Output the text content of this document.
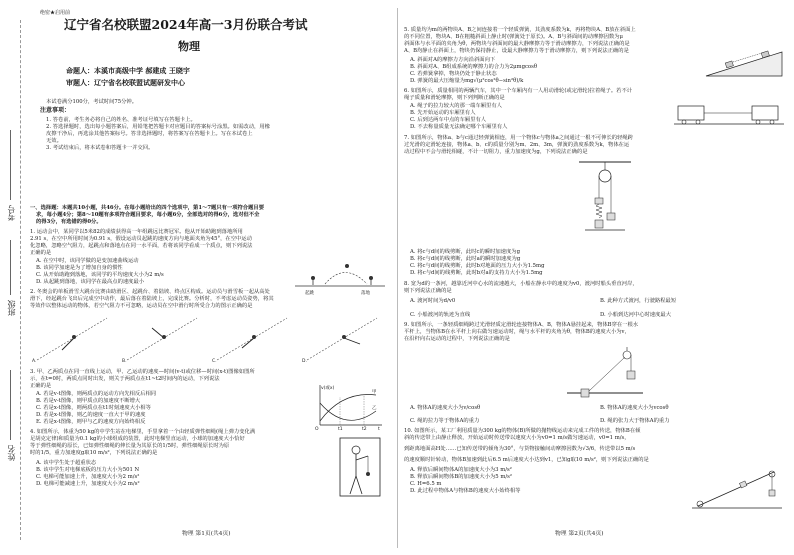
考号
班级
姓名
绝密★启用前
辽宁省名校联盟2024年高一3月份联合考试
物理
命题人：本溪市高级中学 郝建成 王晓宇
审题人：辽宁省名校联盟试题研发中心
本试卷满分100分，考试时间75分钟。
注意事项：
1. 答卷前，考生务必将自己的姓名、准考证号填写在答题卡上。
2. 答选择题时，选出每小题答案后，用铅笔把答题卡对应题目的答案标号涂黑。如需改动，用橡
皮擦干净后，再选涂其他答案标号。答非选择题时，将答案写在答题卡上。写在本试卷上
无效。
3. 考试结束后，将本试卷和答题卡一并交回。
一、选择题：本题共10小题，共46分。在每小题给出的四个选项中，第1～7题只有一项符合题目要
求，每小题4分；第8～10题有多项符合题目要求，每小题6分，全部选对的得6分，选对但不全
的得3分，有选错的得0分。
1. 运动会中，某同学以5米82的成绩获得高一年组跳远比赛冠军。他从开始助跑到落地所用
2.91 s，在空中所用时间为0.91 s，假设运动员起跳的速度方向与地面夹角为45°，在空中运动
化忽略，忽略空气阻力，起跳点和落地点在同一水平面，若将该同学看成一个质点，则下列说法
正确的是
A. 在空中时，该同学做的是变加速曲线运动
B. 该同学加速是为了增加自身的惯性
C. 从开始助跑到落地，该同学的平均速度大小为2 m/s
D. 从起跳到落地，该同学在最高点的速度最小
起跳	落地
2. 冬奥会的单板滑雪大跳台比赛由助滑区、起跳台、着陆坡、终点区构成。运动员与滑雪板一起从高处
滑下，经起跳台飞出后完成空中动作，最后落在着陆坡上，完成比赛。分析时，不考虑运动员姿势，将其
等效作以整体运动的物体，若空气阻力不可忽略，运动员在空中滑行时所受合力的图示正确的是
A.	B.	C.	D.
3. 甲、乙两质点在同一直线上运动，甲、乙运动的速度—时间(v-t)或位移—时间(x-t)图像如图所
示，在t=0时，两质点同时出发，则关于两质点在t1~t2时间内的运动，下列说法
正确的是
A. 若是v-t图像，则两质点的运动方向先相反后相同
B. 若是v-t图像，则甲质点的加速度不断增大
C. 若是x-t图像，则两质点在t1时刻速度大小相等
D. 若是x-t图像，则乙的速度一直大于甲的速度
E. 若是x-t图像，则甲与乙的速度方向始终相反
v(或x)
t
O	t1	t2
甲
乙
4. 如图所示，体重为50 kg的中学生站在电梯里，手里拿着一个由轻质弹性细绳(绳上弹力变化满
足胡克定律)和质量为0.1 kg的小球组成的装置，此时电梯竖直运动，小球的加速度大小恰好
等于弹性细绳的原长，已知弹性细绳的伸长量为其原长的1/5时，弹性细绳原长时为原
时的1/5，重力加速度g取10 m/s²，下列说法正确的是
A. 该中学生处于超重状态
B. 该中学生对电梯底板的压力大小为501 N
C. 电梯可能加速上升，加速度大小为2 m/s²
D. 电梯可能减速上升，加速度大小为2 m/s²
物理 第1页(共4页)
5. 质量均为m的两物块A、B之间连接着一个轻质弹簧，其劲度系数为k，再将物块A、B放在斜面上
的不同位置，物块A、B在粗糙斜面上静止时(弹簧处于原长)。A、B与斜面间的动摩擦因数为μ
斜面体与水平面的夹角为θ，两物块与斜面间的最大静摩擦力等于滑动摩擦力，下列说法正确的是
A、B均静止在斜面上，物块仍保持静止，设最大静摩擦力等于滑动摩擦力，则下列说法正确的是
A. 斜面对A的摩擦力方向沿斜面向下
B. 斜面对A、B组成系统的摩擦力的合力为2μmgcosθ
C. 若弹簧拿掉，物块仍处于静止状态
D. 弹簧的最大压缩量为mg√(μ²cos²θ−sin²θ)/k
6. 如图所示，质量相同的两辆汽车，其中一个车厢内有一人用动滑轮(或定滑轮)拉着绳子。若不计
绳子质量和滑轮摩擦，则下列判断正确的是
A. 绳子的拉力较大的那一端车厢里有人
B. 先开始运动的车厢里有人
C. 后到达两车中点的车厢里有人
D. 不去称量质量无法确定哪个车厢里有人
7. 如图所示，物体a、b与c通过轻弹簧相连，用一个物体c与物体a之间通过一根不可伸长的轻绳跨
过光滑的定滑轮连接，物体a、b、c的质量分别为m、2m、3m，弹簧的劲度系数为k，物体在运
动过程中不会与滑轮相碰，不计一切阻力，重力加速度为g，下列说法正确的是
A. 将c与d间的线剪断，此时c的瞬时加速度为g
B. 将c与d间的线剪断，此时a的瞬时加速度为g
C. 将c与d间的线剪断，此时b对地面的压力大小为1.5mg
D. 将c与d间的线剪断，此时b对a的支持力大小为1.5mg
8. 宽为d的一条河，越靠近河中心水的流速越大，小船在静水中的速度为v0，渡河时船头垂直河岸，
则下列说法正确的是
A. 渡河时间为d/v0	B. 此种方式渡河，行驶路程最短
C. 小船渡河的轨迹为直线	D. 小船到达河中心时速度最大
9. 如图所示，一条轻质细绳跨过光滑轻质定滑轮连接物体A、B，物体A悬挂起来，物体B穿在一根水
平杆上，当物体B在水平杆上向右做匀速运动时，绳与水平杆的夹角为θ，物体B的速度大小为v，
在沿杆向右运动的过程中，下列说法正确的是
A. 物体A的速度大小为v/cosθ	B. 物体A的速度大小为vcosθ
C. 绳的拉力等于物体A的重力	D. 绳的张力大于物体A的重力
10. 如图所示，某工厂利用质量为300 kg的物体(B)所做的抛物线运动来完成工件的传送，物体B在倾
斜的传送带上由静止释放，开始运动时传送带以速度大小为v0=1 m/s做匀速运动，v0=1 m/s，
到距离地面高H处……已知传送带的倾角为30°，与货物接触间动摩擦因数为√3/6，传送带以5 m/s
的速度顺时针转动，物体B加速到此后6.5 m后速度大小达到v1，已知g取10 m/s²，则下列说法正确的是
A. 释放后瞬间物体A的加速度大小为3 m/s²
B. 释放后瞬间物体B的加速度大小为5 m/s²
C. H=6.5 m
D. 此过程中物体A与物体B的速度大小始终相等
物理 第2页(共4页)
